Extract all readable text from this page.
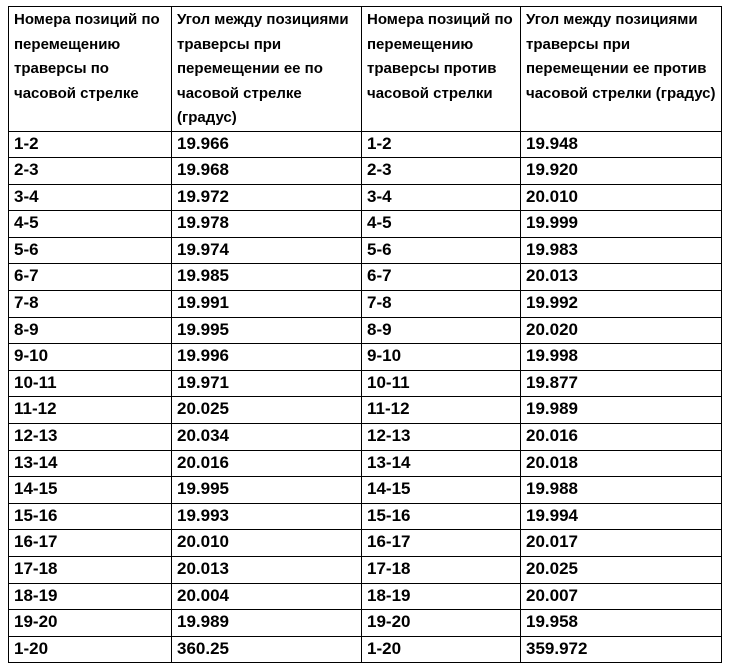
Номера позиций по перемещению траверсы по часовой стрелке	Угол между позициями траверсы при перемещении ее по часовой стрелке (градус)	Номера позиций по перемещению траверсы против часовой стрелки	Угол между позициями траверсы при перемещении ее против часовой стрелки (градус)
1-2	19.966	1-2	19.948
2-3	19.968	2-3	19.920
3-4	19.972	3-4	20.010
4-5	19.978	4-5	19.999
5-6	19.974	5-6	19.983
6-7	19.985	6-7	20.013
7-8	19.991	7-8	19.992
8-9	19.995	8-9	20.020
9-10	19.996	9-10	19.998
10-11	19.971	10-11	19.877
11-12	20.025	11-12	19.989
12-13	20.034	12-13	20.016
13-14	20.016	13-14	20.018
14-15	19.995	14-15	19.988
15-16	19.993	15-16	19.994
16-17	20.010	16-17	20.017
17-18	20.013	17-18	20.025
18-19	20.004	18-19	20.007
19-20	19.989	19-20	19.958
1-20	360.25	1-20	359.972
